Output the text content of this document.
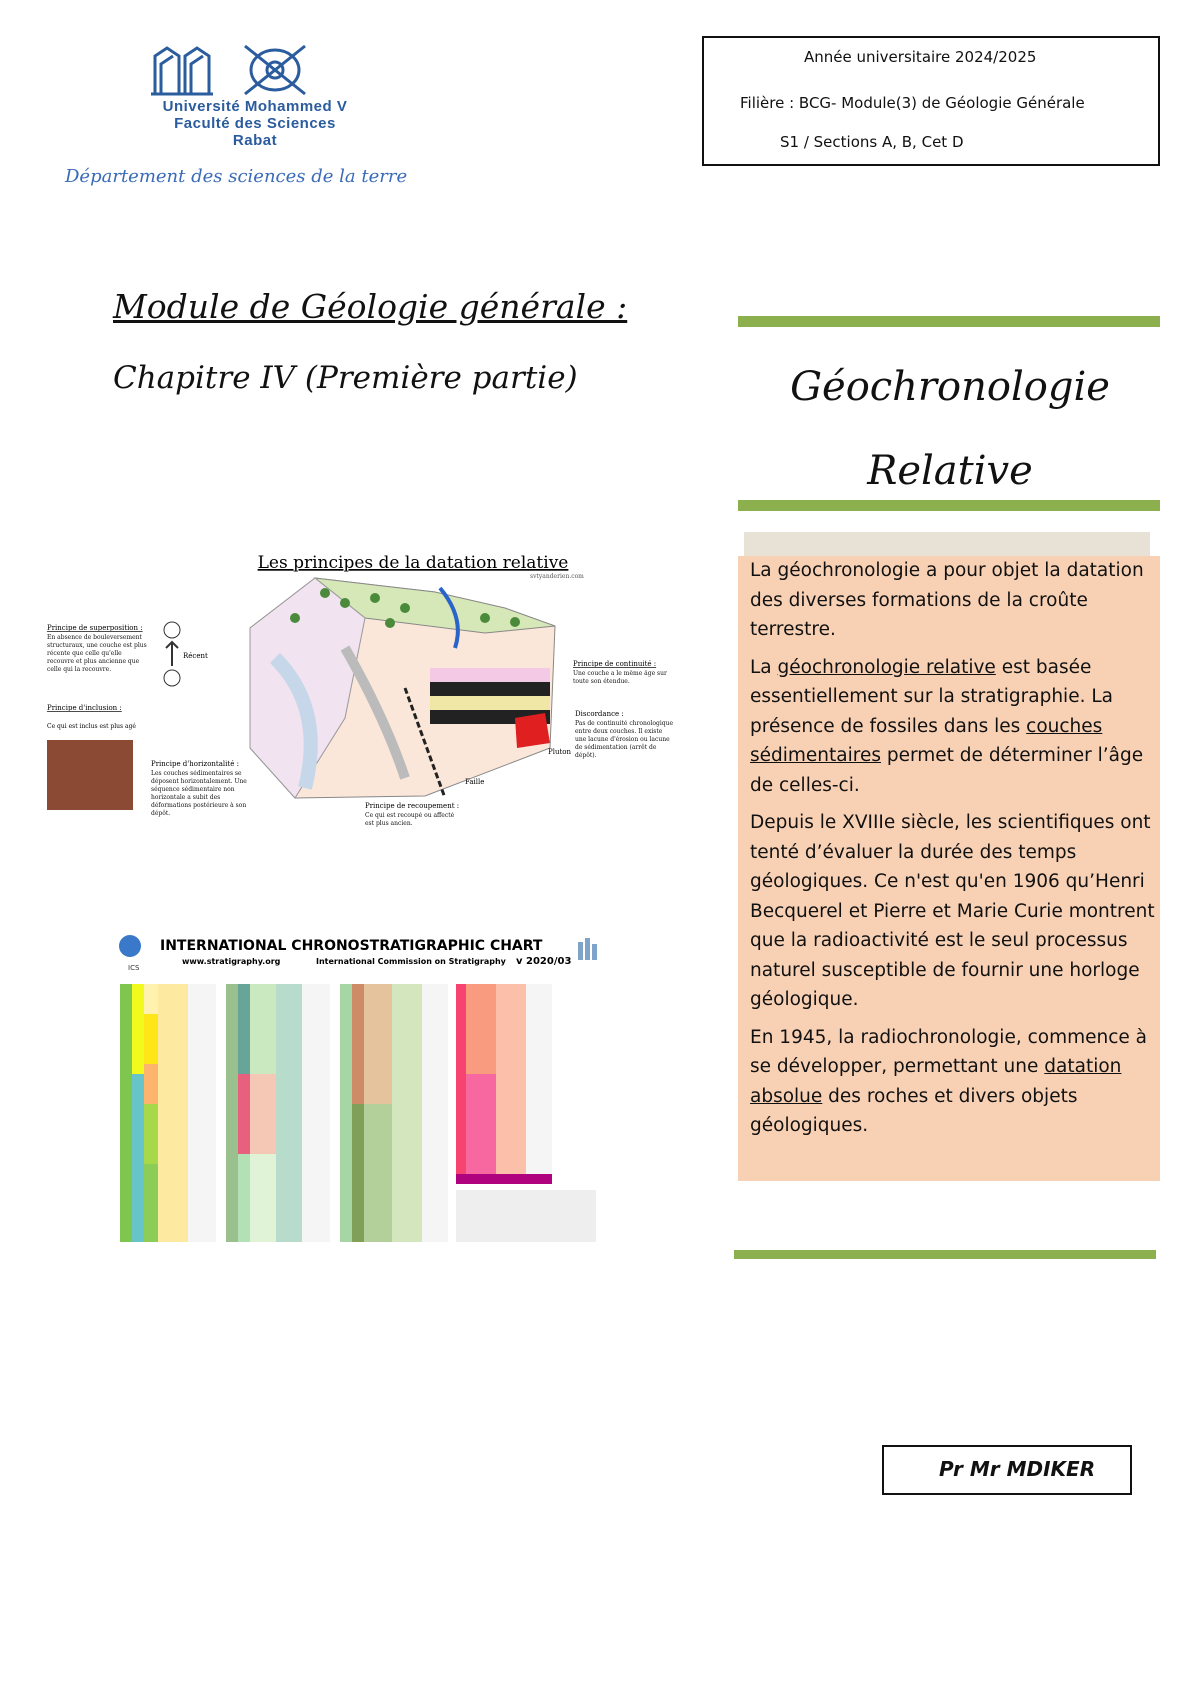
Université Mohammed V
Faculté des Sciences
Rabat
Département des sciences de la terre
Année universitaire 2024/2025
Filière : BCG- Module(3) de Géologie Générale
S1 / Sections A, B, Cet D
Module de Géologie générale :
Chapitre IV (Première partie)	Géochronologie
Relative

La géochronologie a pour objet la datation des diverses formations de la croûte terrestre.

La géochronologie relative est basée essentiellement sur la stratigraphie. La présence de fossiles dans les couches sédimentaires permet de déterminer l’âge de celles-ci.

Depuis le XVIIIe siècle, les scientifiques ont tenté d’évaluer la durée des temps géologiques. Ce n'est qu'en 1906 qu’Henri Becquerel et Pierre et Marie Curie montrent que la radioactivité est le seul processus naturel susceptible de fournir une horloge géologique.

En 1945, la radiochronologie, commence à se développer, permettant une datation absolue des roches et divers objets géologiques.

Les principes de la datation relative
svtyanderien.com
Principe de superposition :
En absence de bouleversement structuraux, une couche est plus récente que celle qu'elle recouvre et plus ancienne que celle qui la recouvre.
Récent
Principe d'inclusion :
Ce qui est inclus est plus agé
Principe d'horizontalité :
Les couches sédimentaires se déposent horizontalement. Une séquence sédimentaire non horizontale a subit des déformations postérieure à son dépôt.
Principe de recoupement :
Ce qui est recoupé ou affecté est plus ancien.
Faille
Principe de continuité :
Une couche a le même âge sur toute son étendue.
Discordance :
Pas de continuité chronologique entre deux couches. Il existe une lacune d'érosion ou lacune de sédimentation (arrêt de dépôt).
Pluton
ICS
INTERNATIONAL CHRONOSTRATIGRAPHIC CHART
www.stratigraphy.org	International Commission on Stratigraphy v 2020/03
Pr Mr MDIKER
